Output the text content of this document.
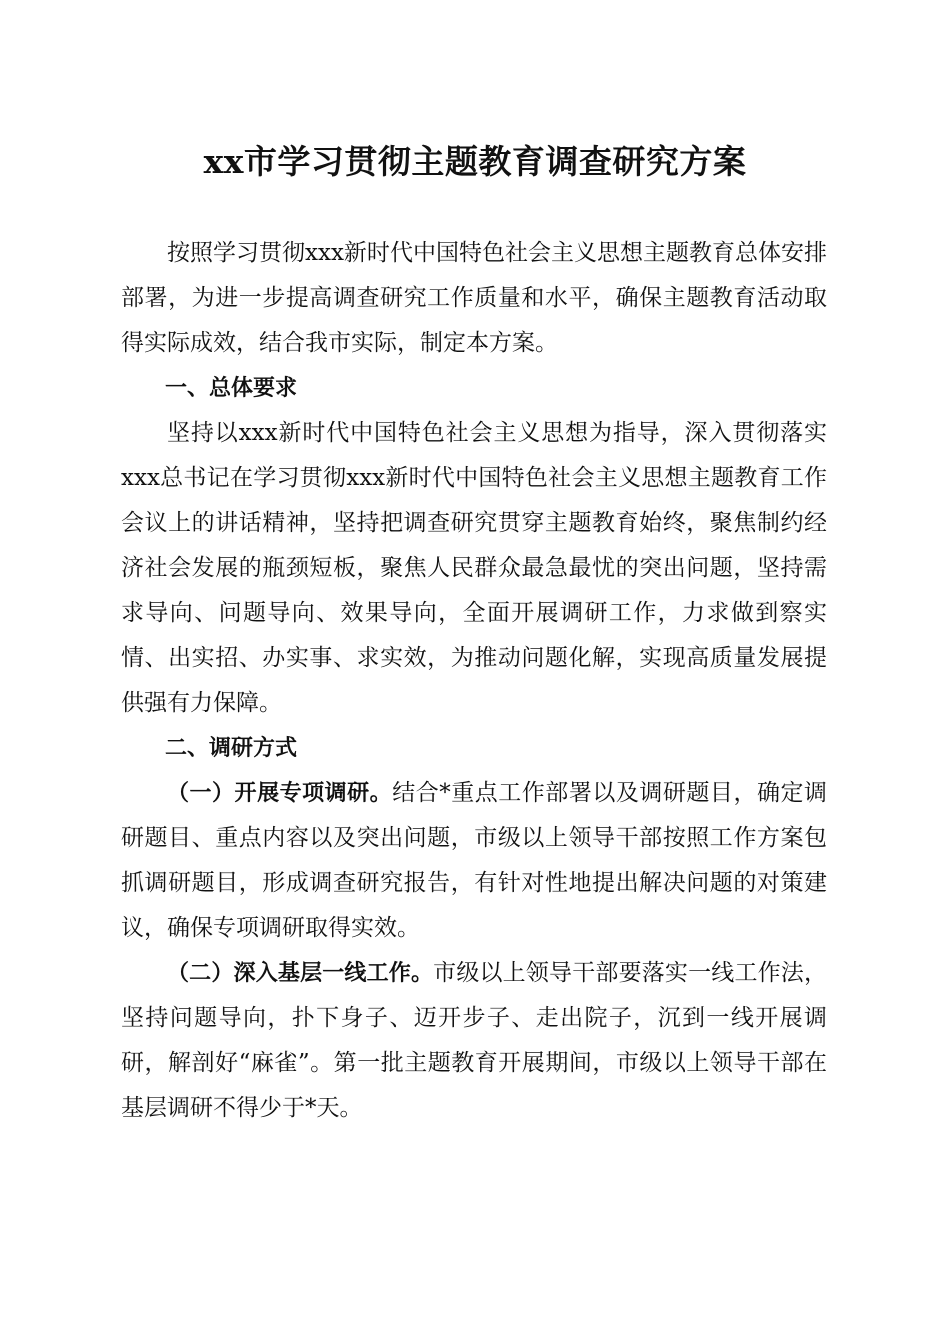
xx市学习贯彻主题教育调查研究方案

按照学习贯彻xxx新时代中国特色社会主义思想主题教育总体安排部署，为进一步提高调查研究工作质量和水平，确保主题教育活动取得实际成效，结合我市实际，制定本方案。

一、总体要求

坚持以xxx新时代中国特色社会主义思想为指导，深入贯彻落实xxx总书记在学习贯彻xxx新时代中国特色社会主义思想主题教育工作会议上的讲话精神，坚持把调查研究贯穿主题教育始终，聚焦制约经济社会发展的瓶颈短板，聚焦人民群众最急最忧的突出问题，坚持需求导向、问题导向、效果导向，全面开展调研工作，力求做到察实情、出实招、办实事、求实效，为推动问题化解，实现高质量发展提供强有力保障。

二、调研方式

（一）开展专项调研。结合*重点工作部署以及调研题目，确定调研题目、重点内容以及突出问题，市级以上领导干部按照工作方案包抓调研题目，形成调查研究报告，有针对性地提出解决问题的对策建议，确保专项调研取得实效。

（二）深入基层一线工作。市级以上领导干部要落实一线工作法，坚持问题导向，扑下身子、迈开步子、走出院子，沉到一线开展调研，解剖好“麻雀”。第一批主题教育开展期间，市级以上领导干部在基层调研不得少于*天。
